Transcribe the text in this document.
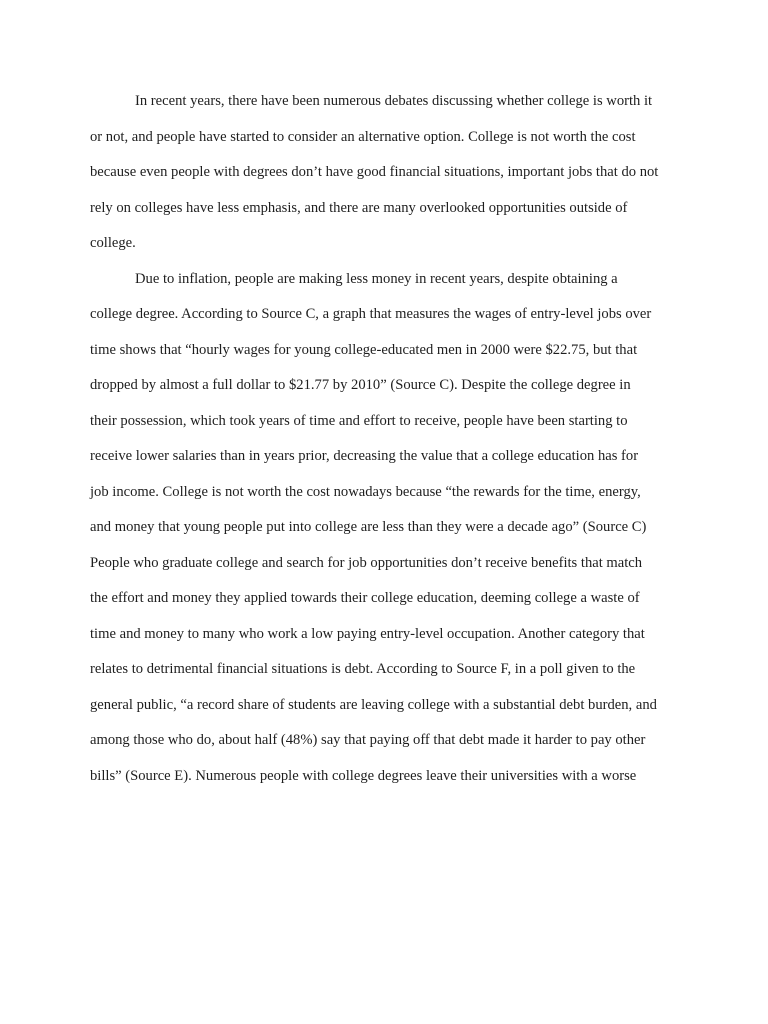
In recent years, there have been numerous debates discussing whether college is worth it
or not, and people have started to consider an alternative option. College is not worth the cost
because even people with degrees don’t have good financial situations, important jobs that do not
rely on colleges have less emphasis, and there are many overlooked opportunities outside of
college.
Due to inflation, people are making less money in recent years, despite obtaining a
college degree. According to Source C, a graph that measures the wages of entry-level jobs over
time shows that “hourly wages for young college-educated men in 2000 were $22.75, but that
dropped by almost a full dollar to $21.77 by 2010” (Source C). Despite the college degree in
their possession, which took years of time and effort to receive, people have been starting to
receive lower salaries than in years prior, decreasing the value that a college education has for
job income. College is not worth the cost nowadays because “the rewards for the time, energy,
and money that young people put into college are less than they were a decade ago” (Source C)
People who graduate college and search for job opportunities don’t receive benefits that match
the effort and money they applied towards their college education, deeming college a waste of
time and money to many who work a low paying entry-level occupation. Another category that
relates to detrimental financial situations is debt. According to Source F, in a poll given to the
general public, “a record share of students are leaving college with a substantial debt burden, and
among those who do, about half (48%) say that paying off that debt made it harder to pay other
bills” (Source E). Numerous people with college degrees leave their universities with a worse
